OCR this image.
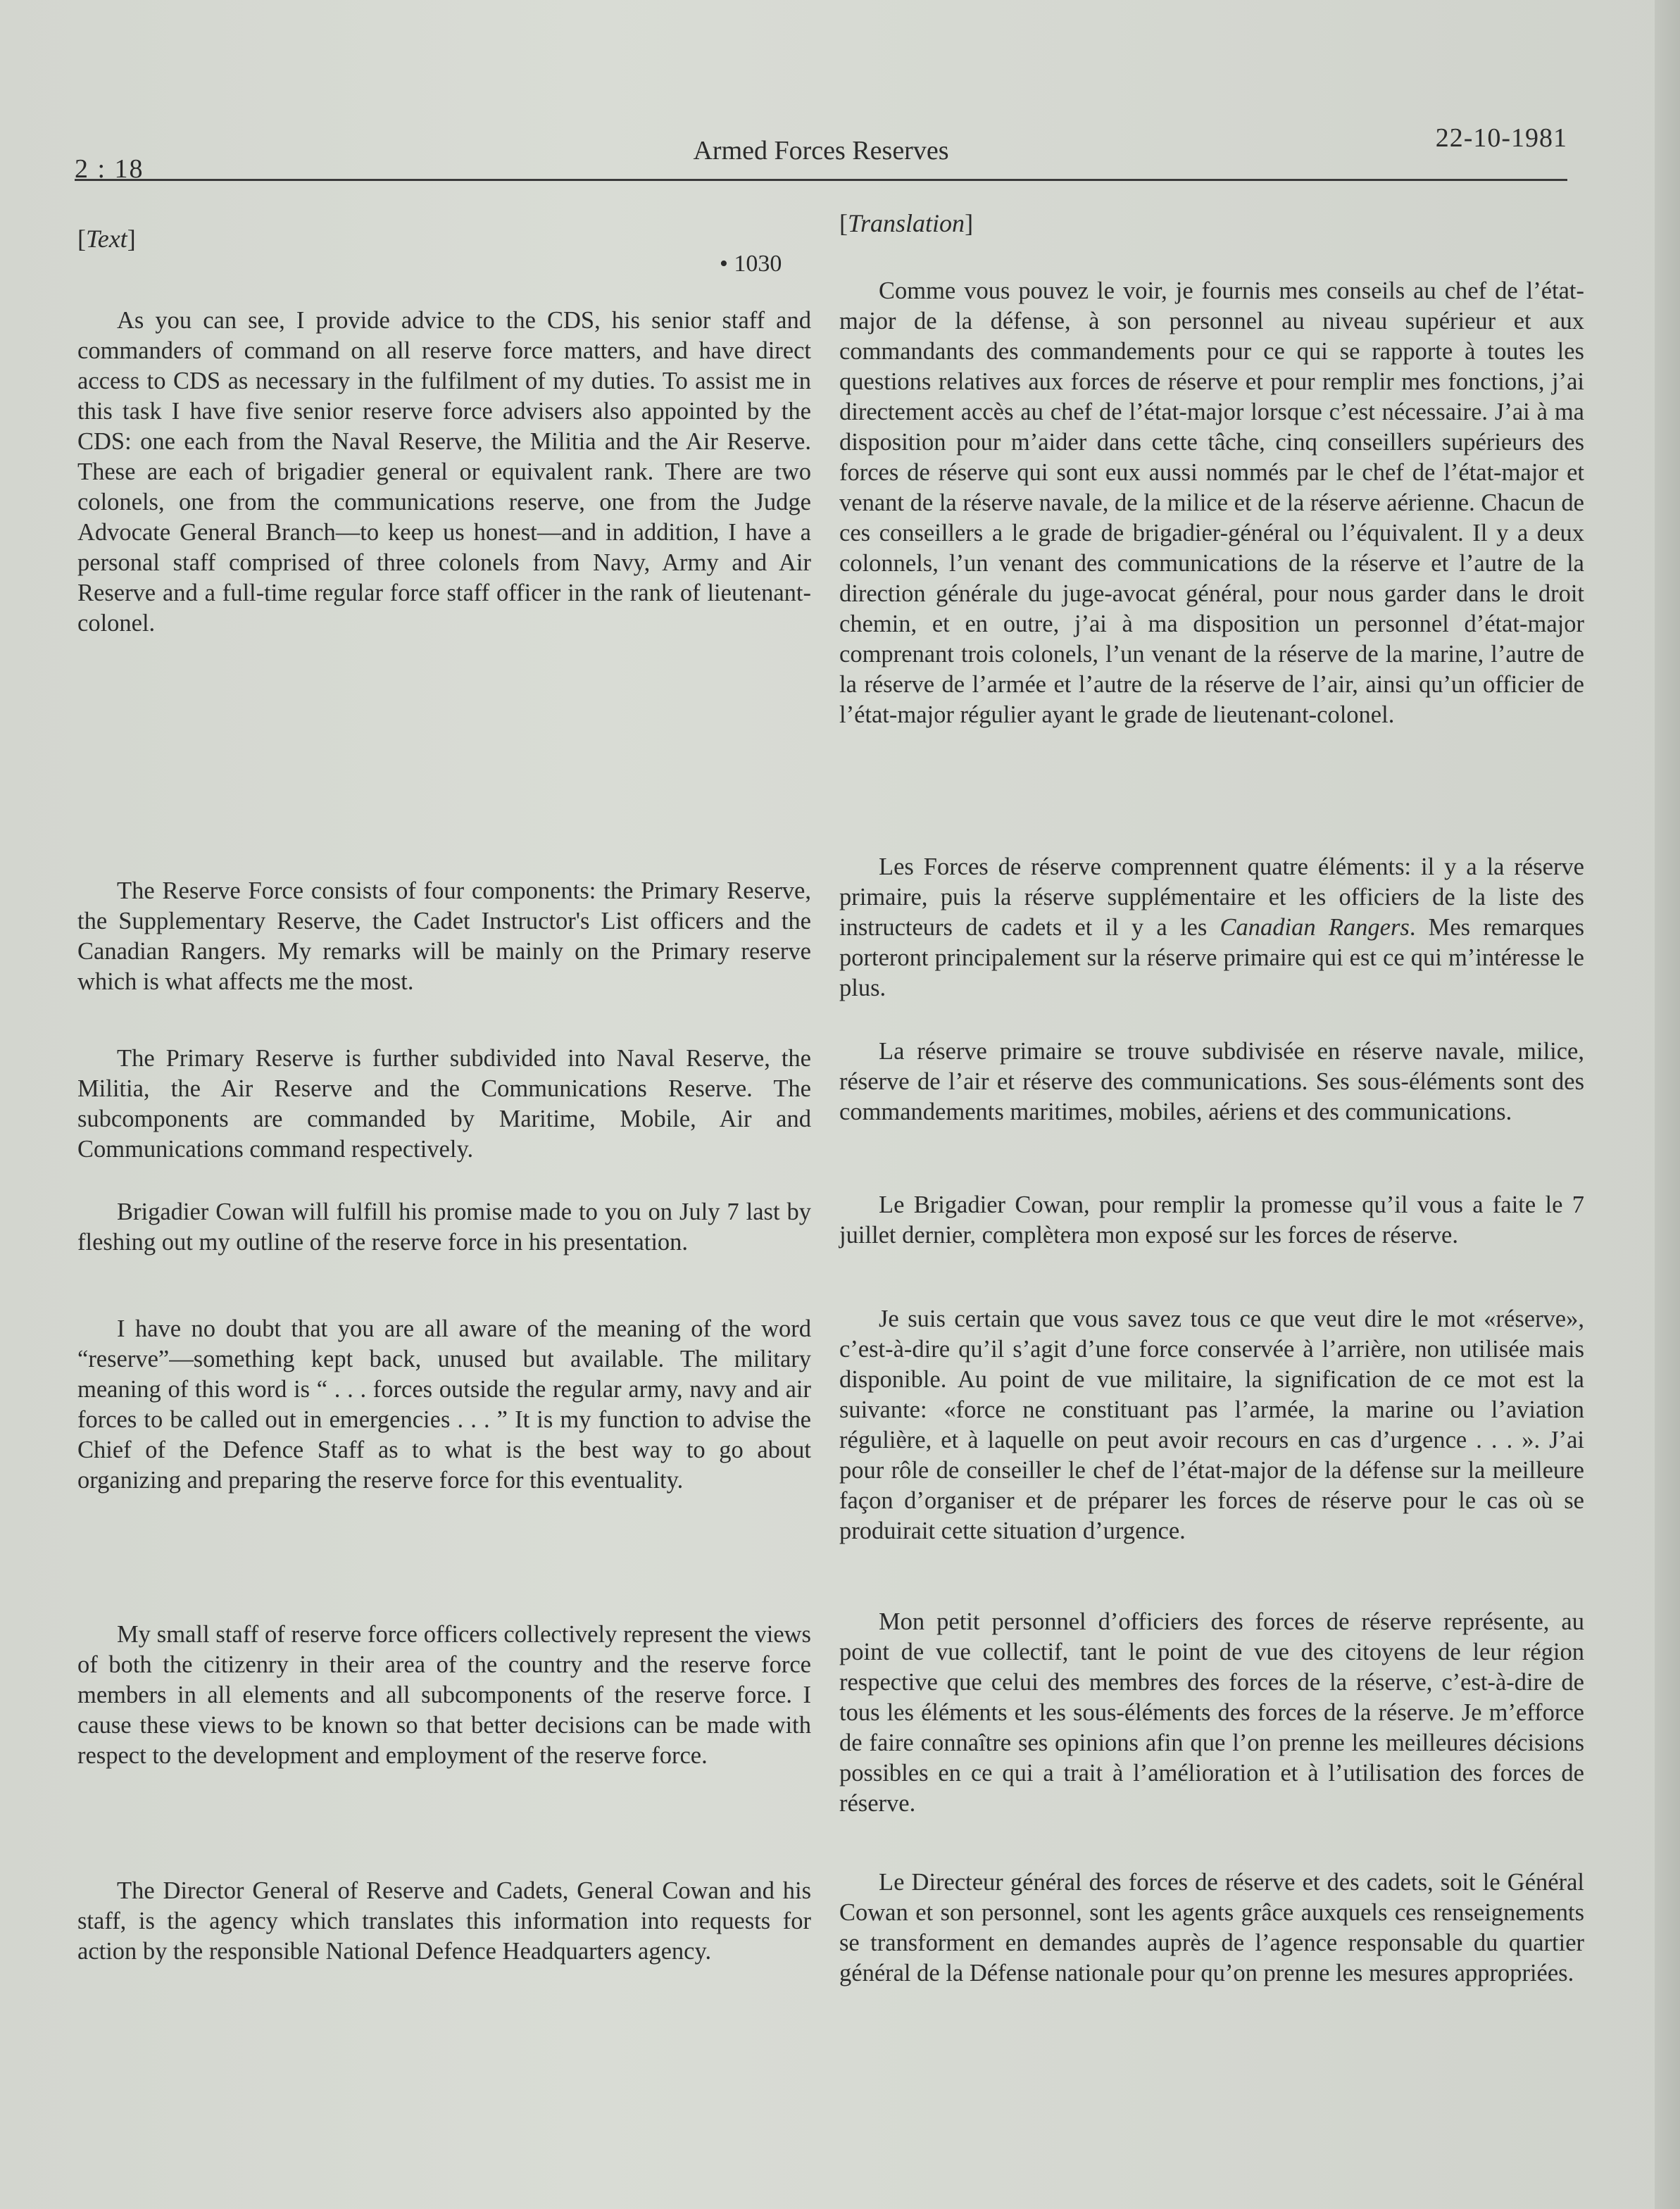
2 : 18
Armed Forces Reserves	22-10-1981
[Text]
• 1030

As you can see, I provide advice to the CDS, his senior staff and commanders of command on all reserve force matters, and have direct access to CDS as necessary in the fulfilment of my duties. To assist me in this task I have five senior reserve force advisers also appointed by the CDS: one each from the Naval Reserve, the Militia and the Air Reserve. These are each of brigadier general or equivalent rank. There are two colonels, one from the communications reserve, one from the Judge Advocate General Branch—to keep us honest—and in addition, I have a personal staff comprised of three colonels from Navy, Army and Air Reserve and a full-time regular force staff officer in the rank of lieutenant-colonel.

The Reserve Force consists of four components: the Primary Reserve, the Supplementary Reserve, the Cadet Instructor's List officers and the Canadian Rangers. My remarks will be mainly on the Primary reserve which is what affects me the most.

The Primary Reserve is further subdivided into Naval Reserve, the Militia, the Air Reserve and the Communications Reserve. The subcomponents are commanded by Maritime, Mobile, Air and Communications command respectively.

Brigadier Cowan will fulfill his promise made to you on July 7 last by fleshing out my outline of the reserve force in his presentation.

I have no doubt that you are all aware of the meaning of the word “reserve”—something kept back, unused but available. The military meaning of this word is “ . . . forces outside the regular army, navy and air forces to be called out in emergencies . . . ” It is my function to advise the Chief of the Defence Staff as to what is the best way to go about organizing and preparing the reserve force for this eventuality.

My small staff of reserve force officers collectively represent the views of both the citizenry in their area of the country and the reserve force members in all elements and all subcomponents of the reserve force. I cause these views to be known so that better decisions can be made with respect to the development and employment of the reserve force.

The Director General of Reserve and Cadets, General Cowan and his staff, is the agency which translates this information into requests for action by the responsible National Defence Headquarters agency.

[Translation]

Comme vous pouvez le voir, je fournis mes conseils au chef de l’état-major de la défense, à son personnel au niveau supérieur et aux commandants des commandements pour ce qui se rapporte à toutes les questions relatives aux forces de réserve et pour remplir mes fonctions, j’ai directement accès au chef de l’état-major lorsque c’est nécessaire. J’ai à ma disposition pour m’aider dans cette tâche, cinq conseillers supérieurs des forces de réserve qui sont eux aussi nommés par le chef de l’état-major et venant de la réserve navale, de la milice et de la réserve aérienne. Chacun de ces conseillers a le grade de brigadier-général ou l’équivalent. Il y a deux colonnels, l’un venant des communications de la réserve et l’autre de la direction générale du juge-avocat général, pour nous garder dans le droit chemin, et en outre, j’ai à ma disposition un personnel d’état-major comprenant trois colonels, l’un venant de la réserve de la marine, l’autre de la réserve de l’armée et l’autre de la réserve de l’air, ainsi qu’un officier de l’état-major régulier ayant le grade de lieutenant-colonel.

Les Forces de réserve comprennent quatre éléments: il y a la réserve primaire, puis la réserve supplémentaire et les officiers de la liste des instructeurs de cadets et il y a les Canadian Rangers. Mes remarques porteront principalement sur la réserve primaire qui est ce qui m’intéresse le plus.

La réserve primaire se trouve subdivisée en réserve navale, milice, réserve de l’air et réserve des communications. Ses sous-éléments sont des commandements maritimes, mobiles, aériens et des communications.

Le Brigadier Cowan, pour remplir la promesse qu’il vous a faite le 7 juillet dernier, complètera mon exposé sur les forces de réserve.

Je suis certain que vous savez tous ce que veut dire le mot «réserve», c’est-à-dire qu’il s’agit d’une force conservée à l’arrière, non utilisée mais disponible. Au point de vue militaire, la signification de ce mot est la suivante: «force ne constituant pas l’armée, la marine ou l’aviation régulière, et à laquelle on peut avoir recours en cas d’urgence . . . ». J’ai pour rôle de conseiller le chef de l’état-major de la défense sur la meilleure façon d’organiser et de préparer les forces de réserve pour le cas où se produirait cette situation d’urgence.

Mon petit personnel d’officiers des forces de réserve représente, au point de vue collectif, tant le point de vue des citoyens de leur région respective que celui des membres des forces de la réserve, c’est-à-dire de tous les éléments et les sous-éléments des forces de la réserve. Je m’efforce de faire connaître ses opinions afin que l’on prenne les meilleures décisions possibles en ce qui a trait à l’amélioration et à l’utilisation des forces de réserve.

Le Directeur général des forces de réserve et des cadets, soit le Général Cowan et son personnel, sont les agents grâce auxquels ces renseignements se transforment en demandes auprès de l’agence responsable du quartier général de la Défense nationale pour qu’on prenne les mesures appropriées.
